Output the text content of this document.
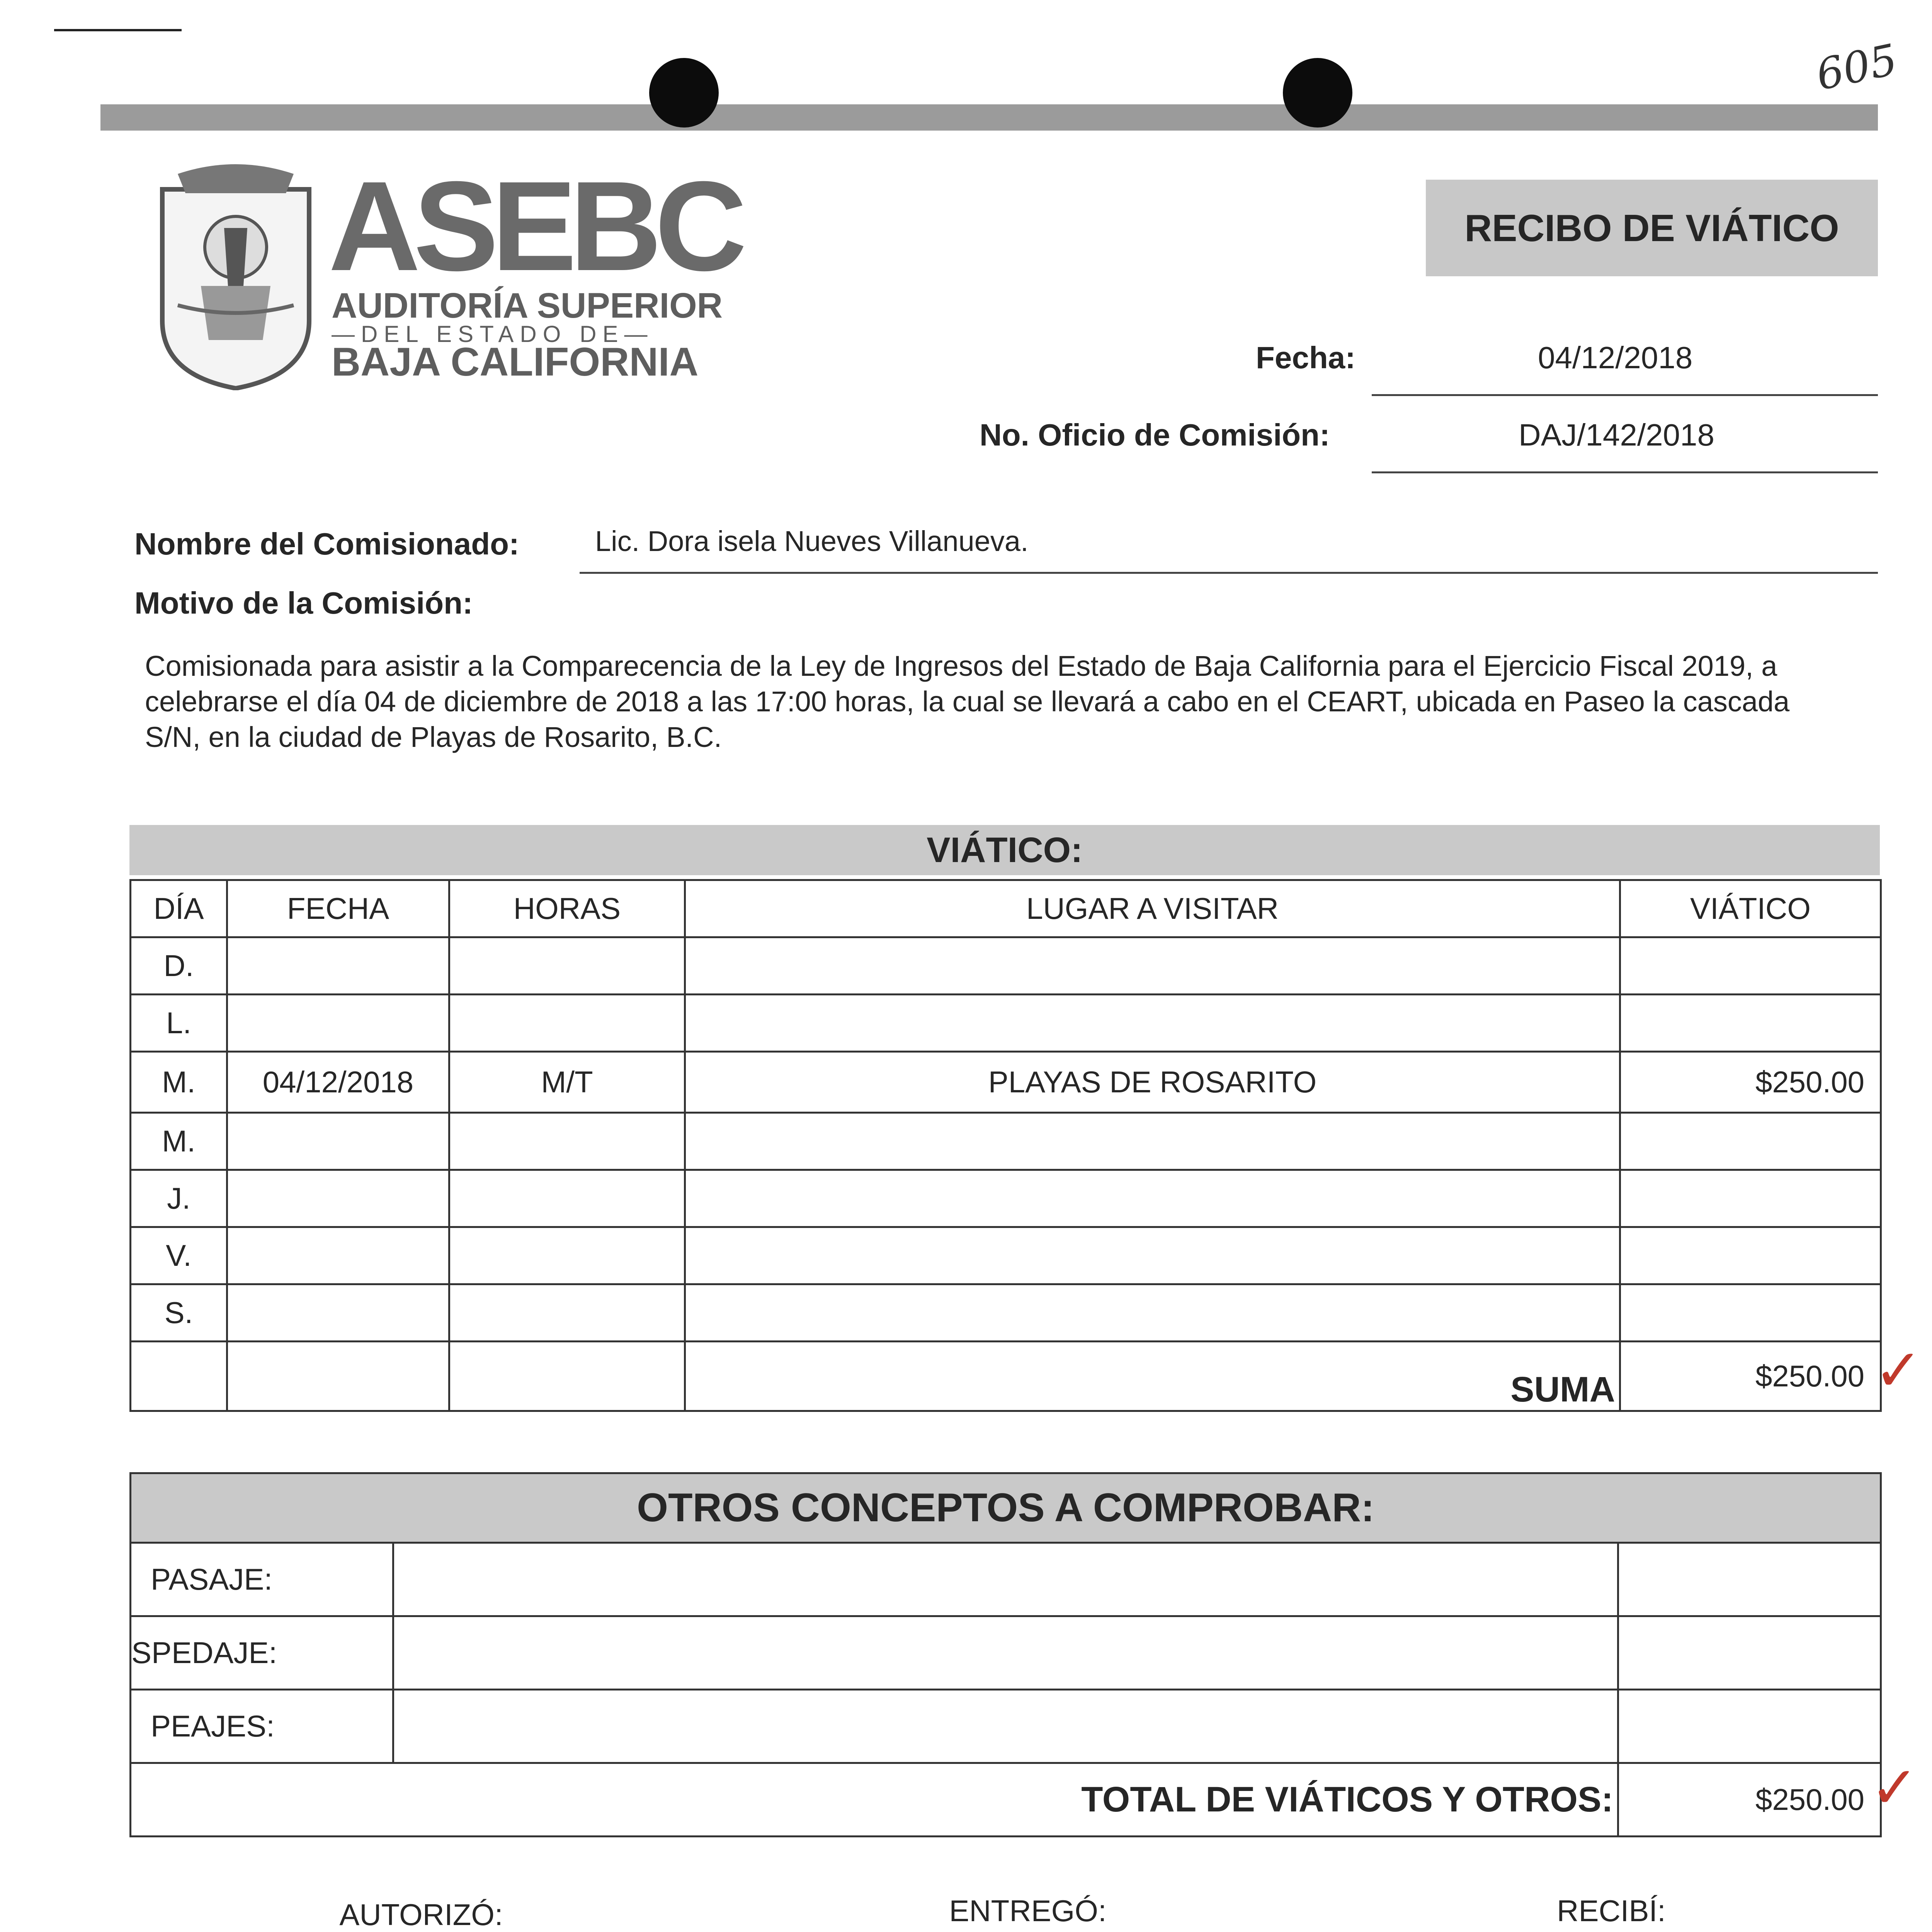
605
ASEBC
AUDITORÍA SUPERIOR
—DEL ESTADO DE—
BAJA CALIFORNIA
RECIBO DE VIÁTICO
Fecha:	04/12/2018
No. Oficio de Comisión:	DAJ/142/2018
Nombre del Comisionado:	Lic. Dora isela Nueves Villanueva.
Motivo de la Comisión:
Comisionada para asistir a la Comparecencia de la Ley de Ingresos del Estado de Baja California para el Ejercicio Fiscal 2019, a celebrarse el día 04 de diciembre de 2018 a las 17:00 horas, la cual se llevará a cabo en el CEART, ubicada en Paseo la cascada S/N, en la ciudad de Playas de Rosarito, B.C.
VIÁTICO:
DÍA	FECHA	HORAS	LUGAR A VISITAR	VIÁTICO
D.				
L.				
M.	04/12/2018	M/T	PLAYAS DE ROSARITO	$250.00
M.				
J.				
V.				
S.				
			SUMA	$250.00 ✓
OTROS CONCEPTOS A COMPROBAR:		
PASAJE:		
SPEDAJE:		
PEAJES:		
TOTAL DE VIÁTICOS Y OTROS:		$250.00 ✓
AUTORIZÓ:	ENTREGÓ:	RECIBÍ:
